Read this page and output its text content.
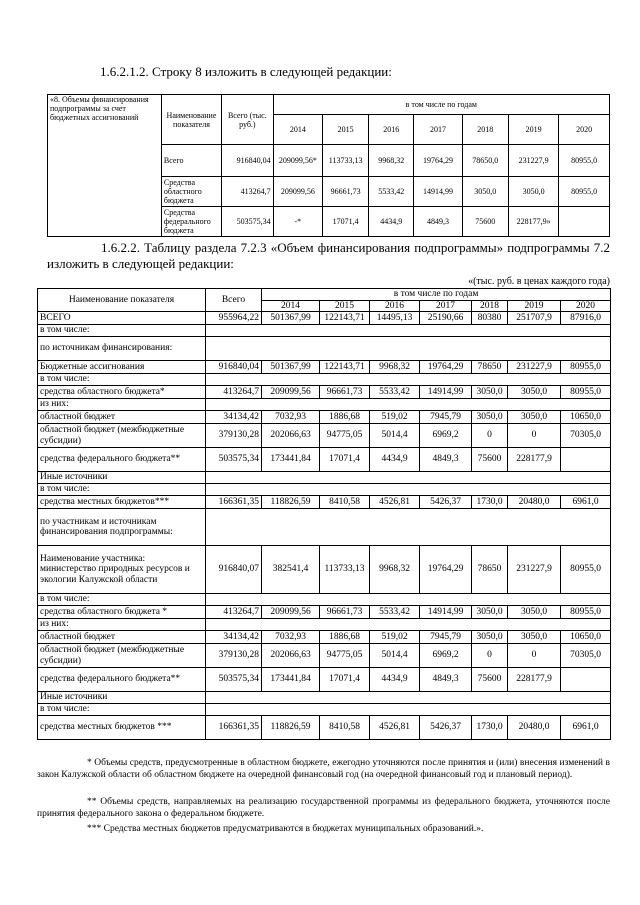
1.6.2.1.2. Строку 8 изложить в следующей редакции:
«8. Объемы финансирования подпрограммы за счет бюджетных ассигнований	Наименование показателя	Всего (тыс. руб.)	в том числе по годам						
			2014	2015	2016	2017	2018	2019	2020
	Всего	916840,04	209099,56*	113733,13	9968,32	19764,29	78650,0	231227,9	80955,0
	Средства областного бюджета	413264,7	209099,56	96661,73	5533,42	14914,99	3050,0	3050,0	80955,0
	Средства федерального бюджета	503575,34	-*	17071,4	4434,9	4849,3	75600	228177,9»	
1.6.2.2. Таблицу раздела 7.2.3 «Объем финансирования подпрограммы» подпрограммы 7.2 изложить в следующей редакции:
«(тыс. руб. в ценах каждого года)
Наименование показателя	Всего	в том числе по годам						
		2014	2015	2016	2017	2018	2019	2020
ВСЕГО	955964,22	501367,99	122143,71	14495,13	25190,66	80380	251707,9	87916,0
в том числе:								
по источникам финансирования:								
Бюджетные ассигнования	916840,04	501367,99	122143,71	9968,32	19764,29	78650	231227,9	80955,0
в том числе:								
средства областного бюджета*	413264,7	209099,56	96661,73	5533,42	14914,99	3050,0	3050,0	80955,0
из них:								
областной бюджет	34134,42	7032,93	1886,68	519,02	7945,79	3050,0	3050,0	10650,0
областной бюджет (межбюджетные субсидии)	379130,28	202066,63	94775,05	5014,4	6969,2	0	0	70305,0
средства федерального бюджета**	503575,34	173441,84	17071,4	4434,9	4849,3	75600	228177,9	
Иные источники								
в том числе:								
средства местных бюджетов***	166361,35	118826,59	8410,58	4526,81	5426,37	1730,0	20480,0	6961,0
по участникам и источникам финансирования подпрограммы:								
Наименование участника: министерство природных ресурсов и экологии Калужской области	916840,07	382541,4	113733,13	9968,32	19764,29	78650	231227,9	80955,0
в том числе:								
средства областного бюджета *	413264,7	209099,56	96661,73	5533,42	14914,99	3050,0	3050,0	80955,0
из них:								
областной бюджет	34134,42	7032,93	1886,68	519,02	7945,79	3050,0	3050,0	10650,0
областной бюджет (межбюджетные субсидии)	379130,28	202066,63	94775,05	5014,4	6969,2	0	0	70305,0
средства федерального бюджета**	503575,34	173441,84	17071,4	4434,9	4849,3	75600	228177,9	
Иные источники								
в том числе:								
средства местных бюджетов ***	166361,35	118826,59	8410,58	4526,81	5426,37	1730,0	20480,0	6961,0
* Объемы средств, предусмотренные в областном бюджете, ежегодно уточняются после принятия и (или) внесения изменений в закон Калужской области об областном бюджете на очередной финансовый год (на очередной финансовый год и плановый период).
** Объемы средств, направляемых на реализацию государственной программы из федерального бюджета, уточняются после принятия федерального закона о федеральном бюджете.
*** Средства местных бюджетов предусматриваются в бюджетах муниципальных образований.».
